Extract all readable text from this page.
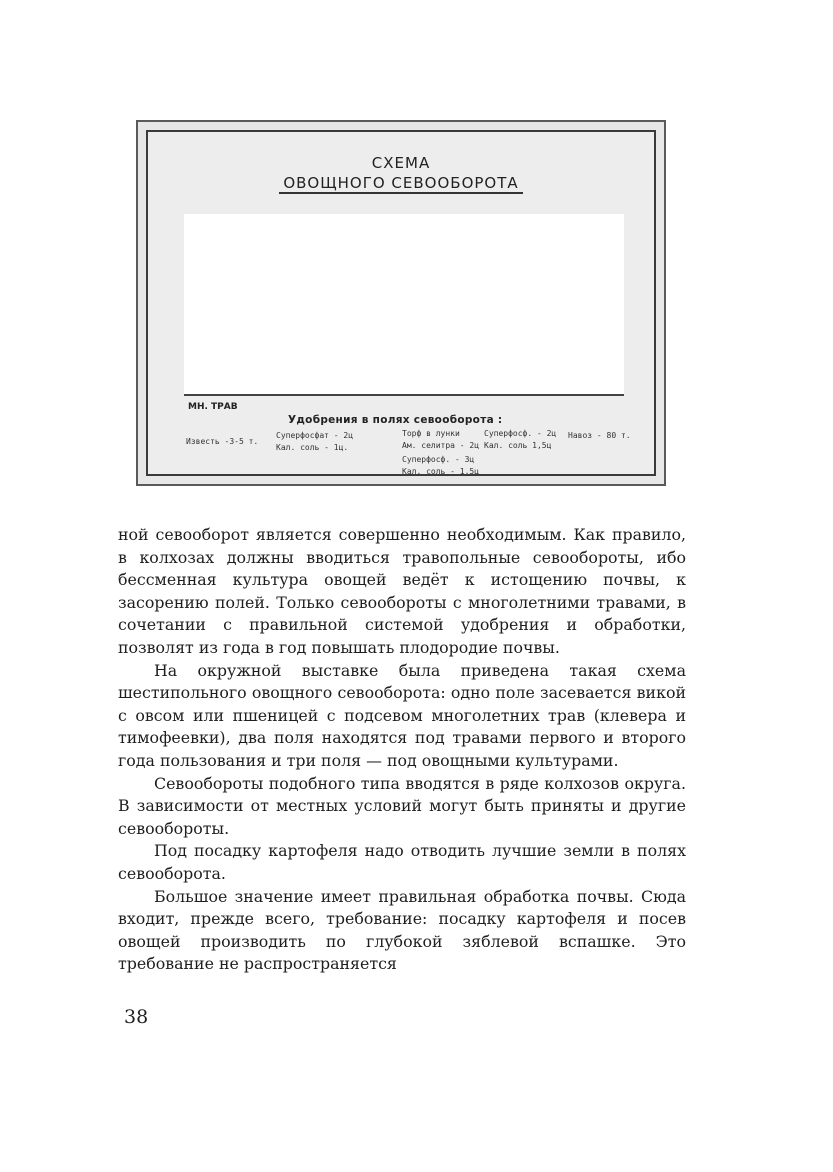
СХЕМА
ОВОЩНОГО СЕВООБОРОТА
МН. ТРАВ
Удобрения в полях севооборота :
Известь -3-5 т.
Суперфосфат - 2ц
Кал. соль - 1ц.
Торф в лунки
Ам. селитра - 2ц
Суперфосф. - 3ц
Кал. соль - 1,5ц
Суперфосф. - 2ц
Кал. соль 1,5ц
Навоз - 80 т.

ной севооборот является совершенно необходимым. Как правило, в колхозах должны вводиться травопольные севообороты, ибо бессменная культура овощей ведёт к истощению почвы, к засорению полей. Только севообороты с многолетними травами, в сочетании с правильной системой удобрения и обработки, позволят из года в год повышать плодородие почвы.

На окружной выставке была приведена такая схема шестипольного овощного севооборота: одно поле засевается викой с овсом или пшеницей с подсевом многолетних трав (клевера и тимофеевки), два поля находятся под травами первого и второго года пользования и три поля — под овощными культурами.

Севообороты подобного типа вводятся в ряде колхозов округа. В зависимости от местных условий могут быть приняты и другие севообороты.

Под посадку картофеля надо отводить лучшие земли в полях севооборота.

Большое значение имеет правильная обработка почвы. Сюда входит, прежде всего, требование: посадку картофеля и посев овощей производить по глубокой зяблевой вспашке. Это требование не распространяется

38
